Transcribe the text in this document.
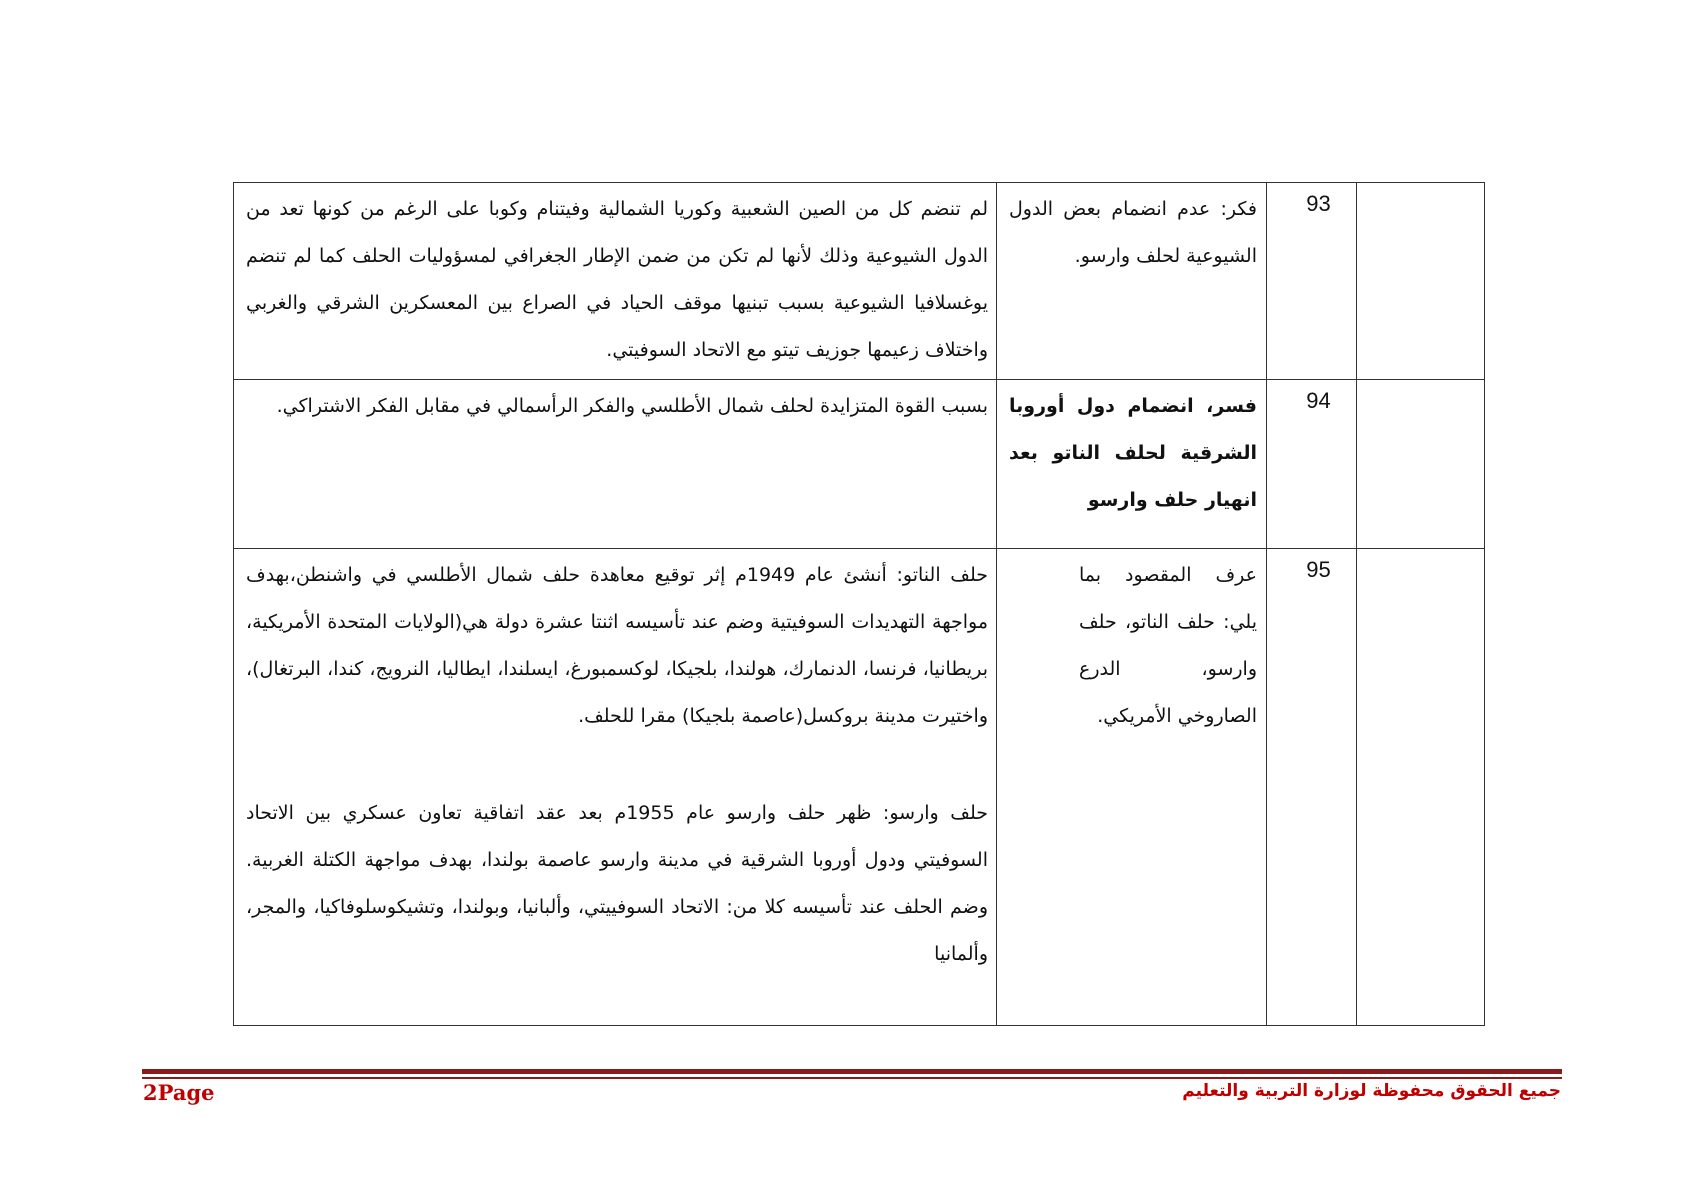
	93	فكر: عدم انضمام بعض الدول الشيوعية لحلف وارسو.	لم تنضم كل من الصين الشعبية وكوريا الشمالية وفيتنام وكوبا على الرغم من كونها تعد من الدول الشيوعية وذلك لأنها لم تكن من ضمن الإطار الجغرافي لمسؤوليات الحلف كما لم تنضم يوغسلافيا الشيوعية بسبب تبنيها موقف الحياد في الصراع بين المعسكرين الشرقي والغربي واختلاف زعيمها جوزيف تيتو مع الاتحاد السوفيتي.

	94	فسر، انضمام دول أوروبا الشرقية لحلف الناتو بعد انهيار حلف وارسو	بسبب القوة المتزايدة لحلف شمال الأطلسي والفكر الرأسمالي في مقابل الفكر الاشتراكي.

	95	عرف المقصود بما يلي: حلف الناتو، حلف وارسو، الدرع الصاروخي الأمريكي.	حلف الناتو: أنشئ عام 1949م إثر توقيع معاهدة حلف شمال الأطلسي في واشنطن،بهدف مواجهة التهديدات السوفيتية وضم عند تأسيسه اثنتا عشرة دولة هي(الولايات المتحدة الأمريكية، بريطانيا، فرنسا، الدنمارك، هولندا، بلجيكا، لوكسمبورغ، ايسلندا، ايطاليا، النرويج، كندا، البرتغال)، واختيرت مدينة بروكسل(عاصمة بلجيكا) مقرا للحلف.
حلف وارسو: ظهر حلف وارسو عام 1955م بعد عقد اتفاقية تعاون عسكري بين الاتحاد السوفيتي ودول أوروبا الشرقية في مدينة وارسو عاصمة بولندا، بهدف مواجهة الكتلة الغربية. وضم الحلف عند تأسيسه كلا من: الاتحاد السوفييتي، وألبانيا، وبولندا، وتشيكوسلوفاكيا، والمجر، وألمانيا
2Page	جميع الحقوق محفوظة لوزارة التربية والتعليم
